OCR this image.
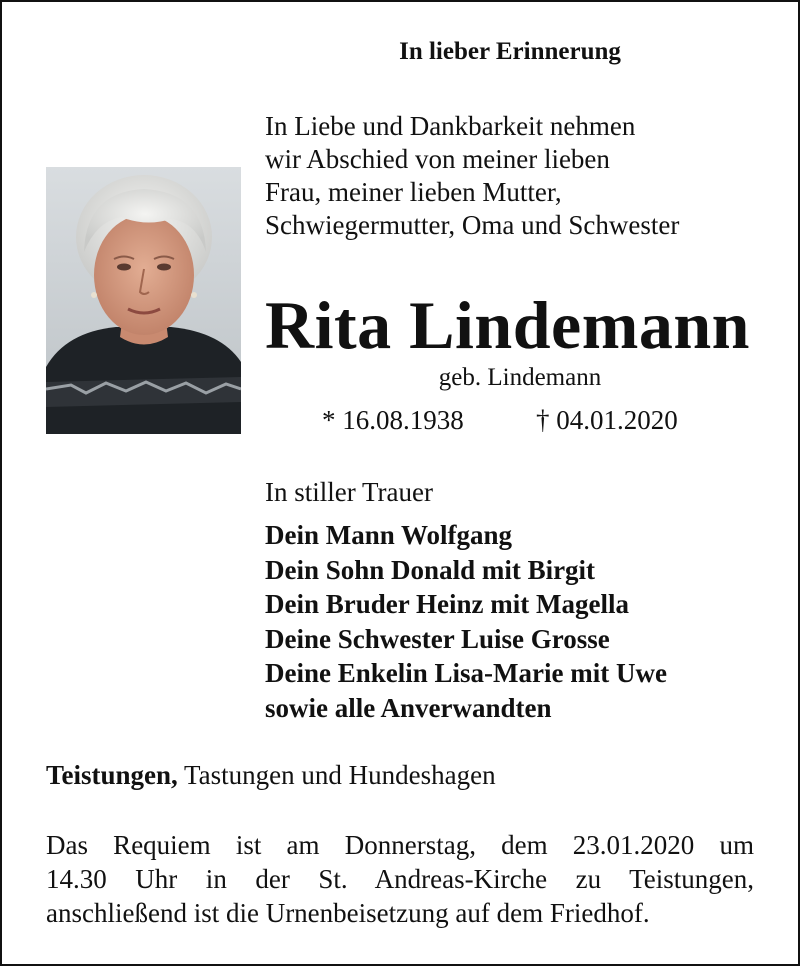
In lieber Erinnerung
In Liebe und Dankbarkeit nehmen
wir Abschied von meiner lieben
Frau, meiner lieben Mutter,
Schwiegermutter, Oma und Schwester
Rita Lindemann
geb. Lindemann
* 16.08.1938	† 04.01.2020
In stiller Trauer
Dein Mann Wolfgang
Dein Sohn Donald mit Birgit
Dein Bruder Heinz mit Magella
Deine Schwester Luise Grosse
Deine Enkelin Lisa-Marie mit Uwe
sowie alle Anverwandten
Teistungen, Tastungen und Hundeshagen
Das Requiem ist am Donnerstag, dem 23.01.2020 um
14.30 Uhr in der St. Andreas-Kirche zu Teistungen,
anschließend ist die Urnenbeisetzung auf dem Friedhof.
